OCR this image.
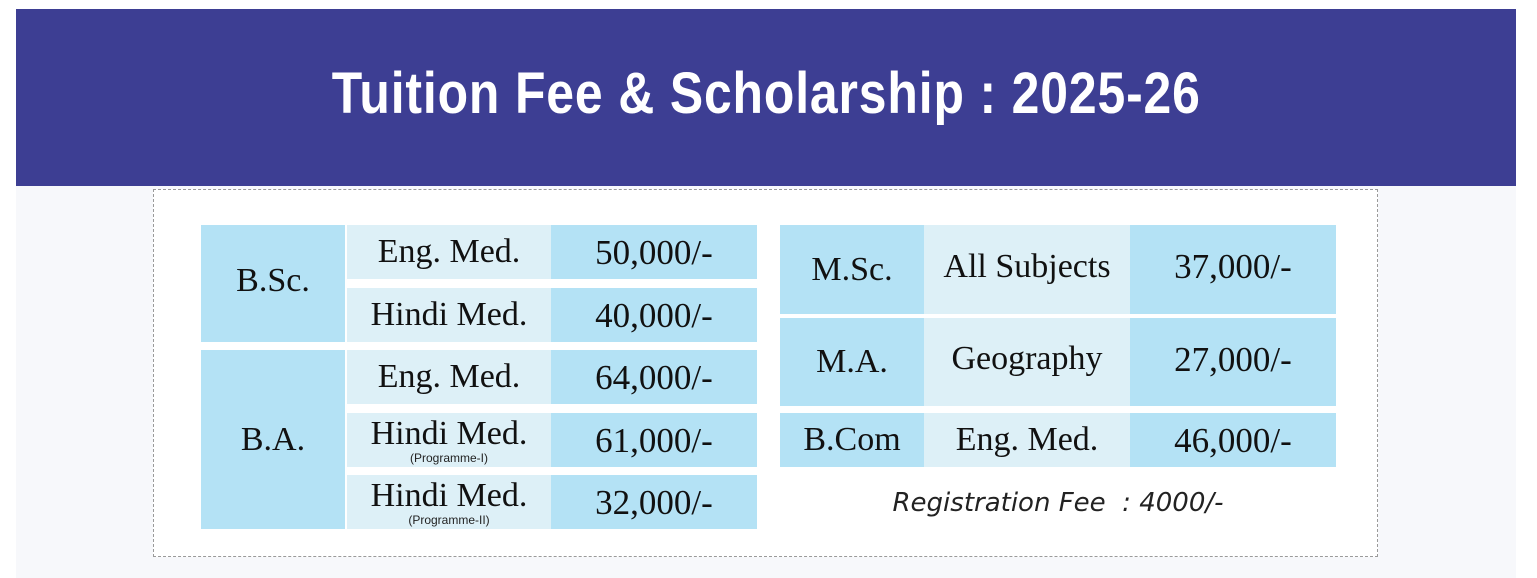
Tuition Fee & Scholarship : 2025-26
B.Sc.
Eng. Med. 50,000/-
Hindi Med. 40,000/-
B.A.
Eng. Med. 64,000/-
Hindi Med.
(Programme-I)	61,000/-
Hindi Med.
(Programme-II)	32,000/-
M.Sc. All Subjects 37,000/-
M.A. Geography 27,000/-
B.Com Eng. Med. 46,000/-
Registration Fee  : 4000/-
